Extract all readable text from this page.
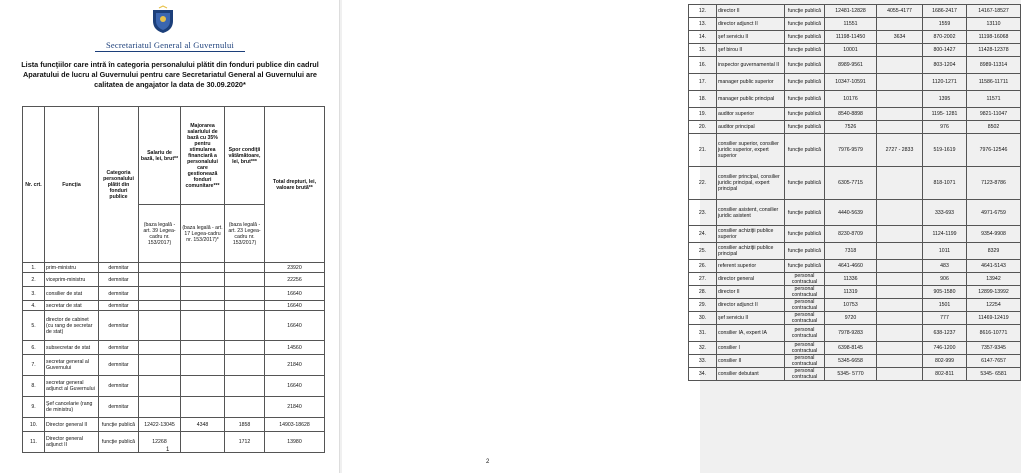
Secretariatul General al Guvernului
Lista funcţiilor care intră în categoria personalului plătit din fonduri publice din cadrul Aparatului de lucru al Guvernului pentru care Secretariatul General al Guvernului are calitatea de angajator la data de 30.09.2020*
Nr. crt.	Funcţia	Categoria personalului plătit din fonduri publice	Salariu de bază, lei, brut**	Majorarea salariului de bază cu 35% pentru stimularea financiară a personalului care gestionează fonduri comunitare***	Spor condiţii vătămătoare, lei, brut***	Total drepturi, lei, valoare brută**
			(baza legală - art. 39 Legea-cadru nr. 153/2017)	(baza legală - art. 17 Legea-cadru nr. 153/2017)*	(baza legală - art. 23 Legea-cadru nr. 153/2017)	
1.	prim-ministru	demnitar				23920
2.	viceprim-ministru	demnitar				22256
3.	consilier de stat	demnitar				16640
4.	secretar de stat	demnitar				16640
5.	director de cabinet (cu rang de secretar de stat)	demnitar				16640
6.	subsecretar de stat	demnitar				14560
7.	secretar general al Guvernului	demnitar				21840
8.	secretar general adjunct al Guvernului	demnitar				16640
9.	Şef cancelarie (rang de ministru)	demnitar				21840
10.	Director general II	funcţie publică	12422-13045	4348	1858	14903-18628
11.	Director general adjunct II	funcţie publică	12268		1712	13980
1
12.	director II	funcţie publică	12481-12828	4055-4177	1686-2417	14167-18527
13.	director adjunct II	funcţie publică	11551		1559	13110
14.	şef serviciu II	funcţie publică	11198-11450	3634	870-2002	11198-16068
15.	şef birou II	funcţie publică	10001		800-1427	11428-12378
16.	inspector guvernamental II	funcţie publică	8989-9561		803-1204	8989-11314
17.	manager public superior	funcţie publică	10347-10591		1120-1271	11586-11711
18.	manager public principal	funcţie publică	10176		1395	11571
19.	auditor superior	funcţie publică	8540-8898		1195- 1281	9821-11047
20.	auditor principal	funcţie publică	7526		976	8502
21.	consilier superior, consilier juridic superior, expert superior	funcţie publică	7976-9579	2727 - 2833	519-1619	7976-12546
22.	consilier principal, consilier juridic principal, expert principal	funcţie publică	6305-7715		818-1071	7123-8786
23.	consilier asistent, consilier juridic asistent	funcţie publică	4440-5639		333-693	4971-6759
24.	consilier achiziţii publice superior	funcţie publică	8230-8709		1124-1199	9354-9908
25.	consilier achiziţii publice principal	funcţie publică	7318		1011	8329
26.	referent superior	funcţie publică	4641-4660		483	4641-5143
27.	director general	personal contractual	11336		906	13942
28.	director II	personal contractual	11319		905-1580	12899-13992
29.	director adjunct II	personal contractual	10753		1501	12254
30.	şef serviciu II	personal contractual	9720		777	11469-12419
31.	consilier IA, expert IA	personal contractual	7978-9283		638-1237	8616-10771
32.	consilier I	personal contractual	6398-8145		746-1200	7357-9345
33.	consilier II	personal contractual	5345-6658		802-999	6147-7657
34.	consilier debutant	personal contractual	5345- 5770		802-811	5345- 6581
2
